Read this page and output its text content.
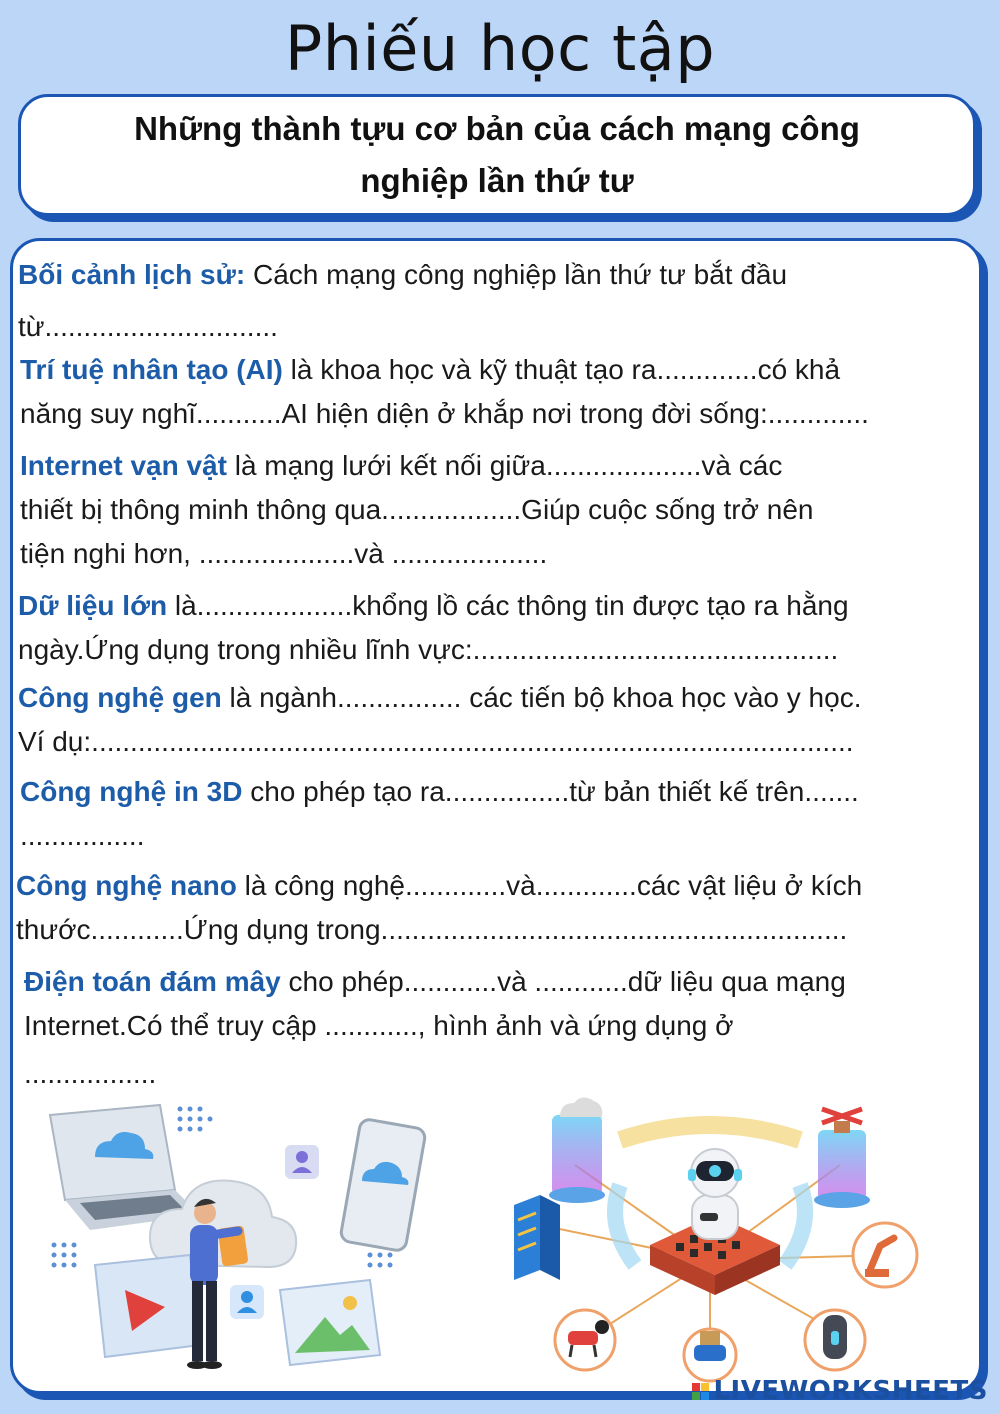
Phiếu học tập
Những thành tựu cơ bản của cách mạng công
nghiệp lần thứ tư
Bối cảnh lịch sử: Cách mạng công nghiệp lần thứ tư bắt đầu
từ..............................
Trí tuệ nhân tạo (AI) là khoa học và kỹ thuật tạo ra.............có khả
năng suy nghĩ...........AI hiện diện ở khắp nơi trong đời sống:.............
Internet vạn vật là mạng lưới kết nối giữa....................và các
thiết bị thông minh thông qua..................Giúp cuộc sống trở nên
tiện nghi hơn, ....................và ....................
Dữ liệu lớn là....................khổng lồ các thông tin được tạo ra hằng
ngày.Ứng dụng trong nhiều lĩnh vực:...............................................
Công nghệ gen là ngành................ các tiến bộ khoa học vào y học.
Ví dụ:..................................................................................................
Công nghệ in 3D cho phép tạo ra................từ bản thiết kế trên.......
................
Công nghệ nano là công nghệ.............và.............các vật liệu ở kích
thước............Ứng dụng trong............................................................
Điện toán đám mây cho phép............và ............dữ liệu qua mạng
Internet.Có thể truy cập ............, hình ảnh và ứng dụng ở
.................
LIVEWORKSHEETS
